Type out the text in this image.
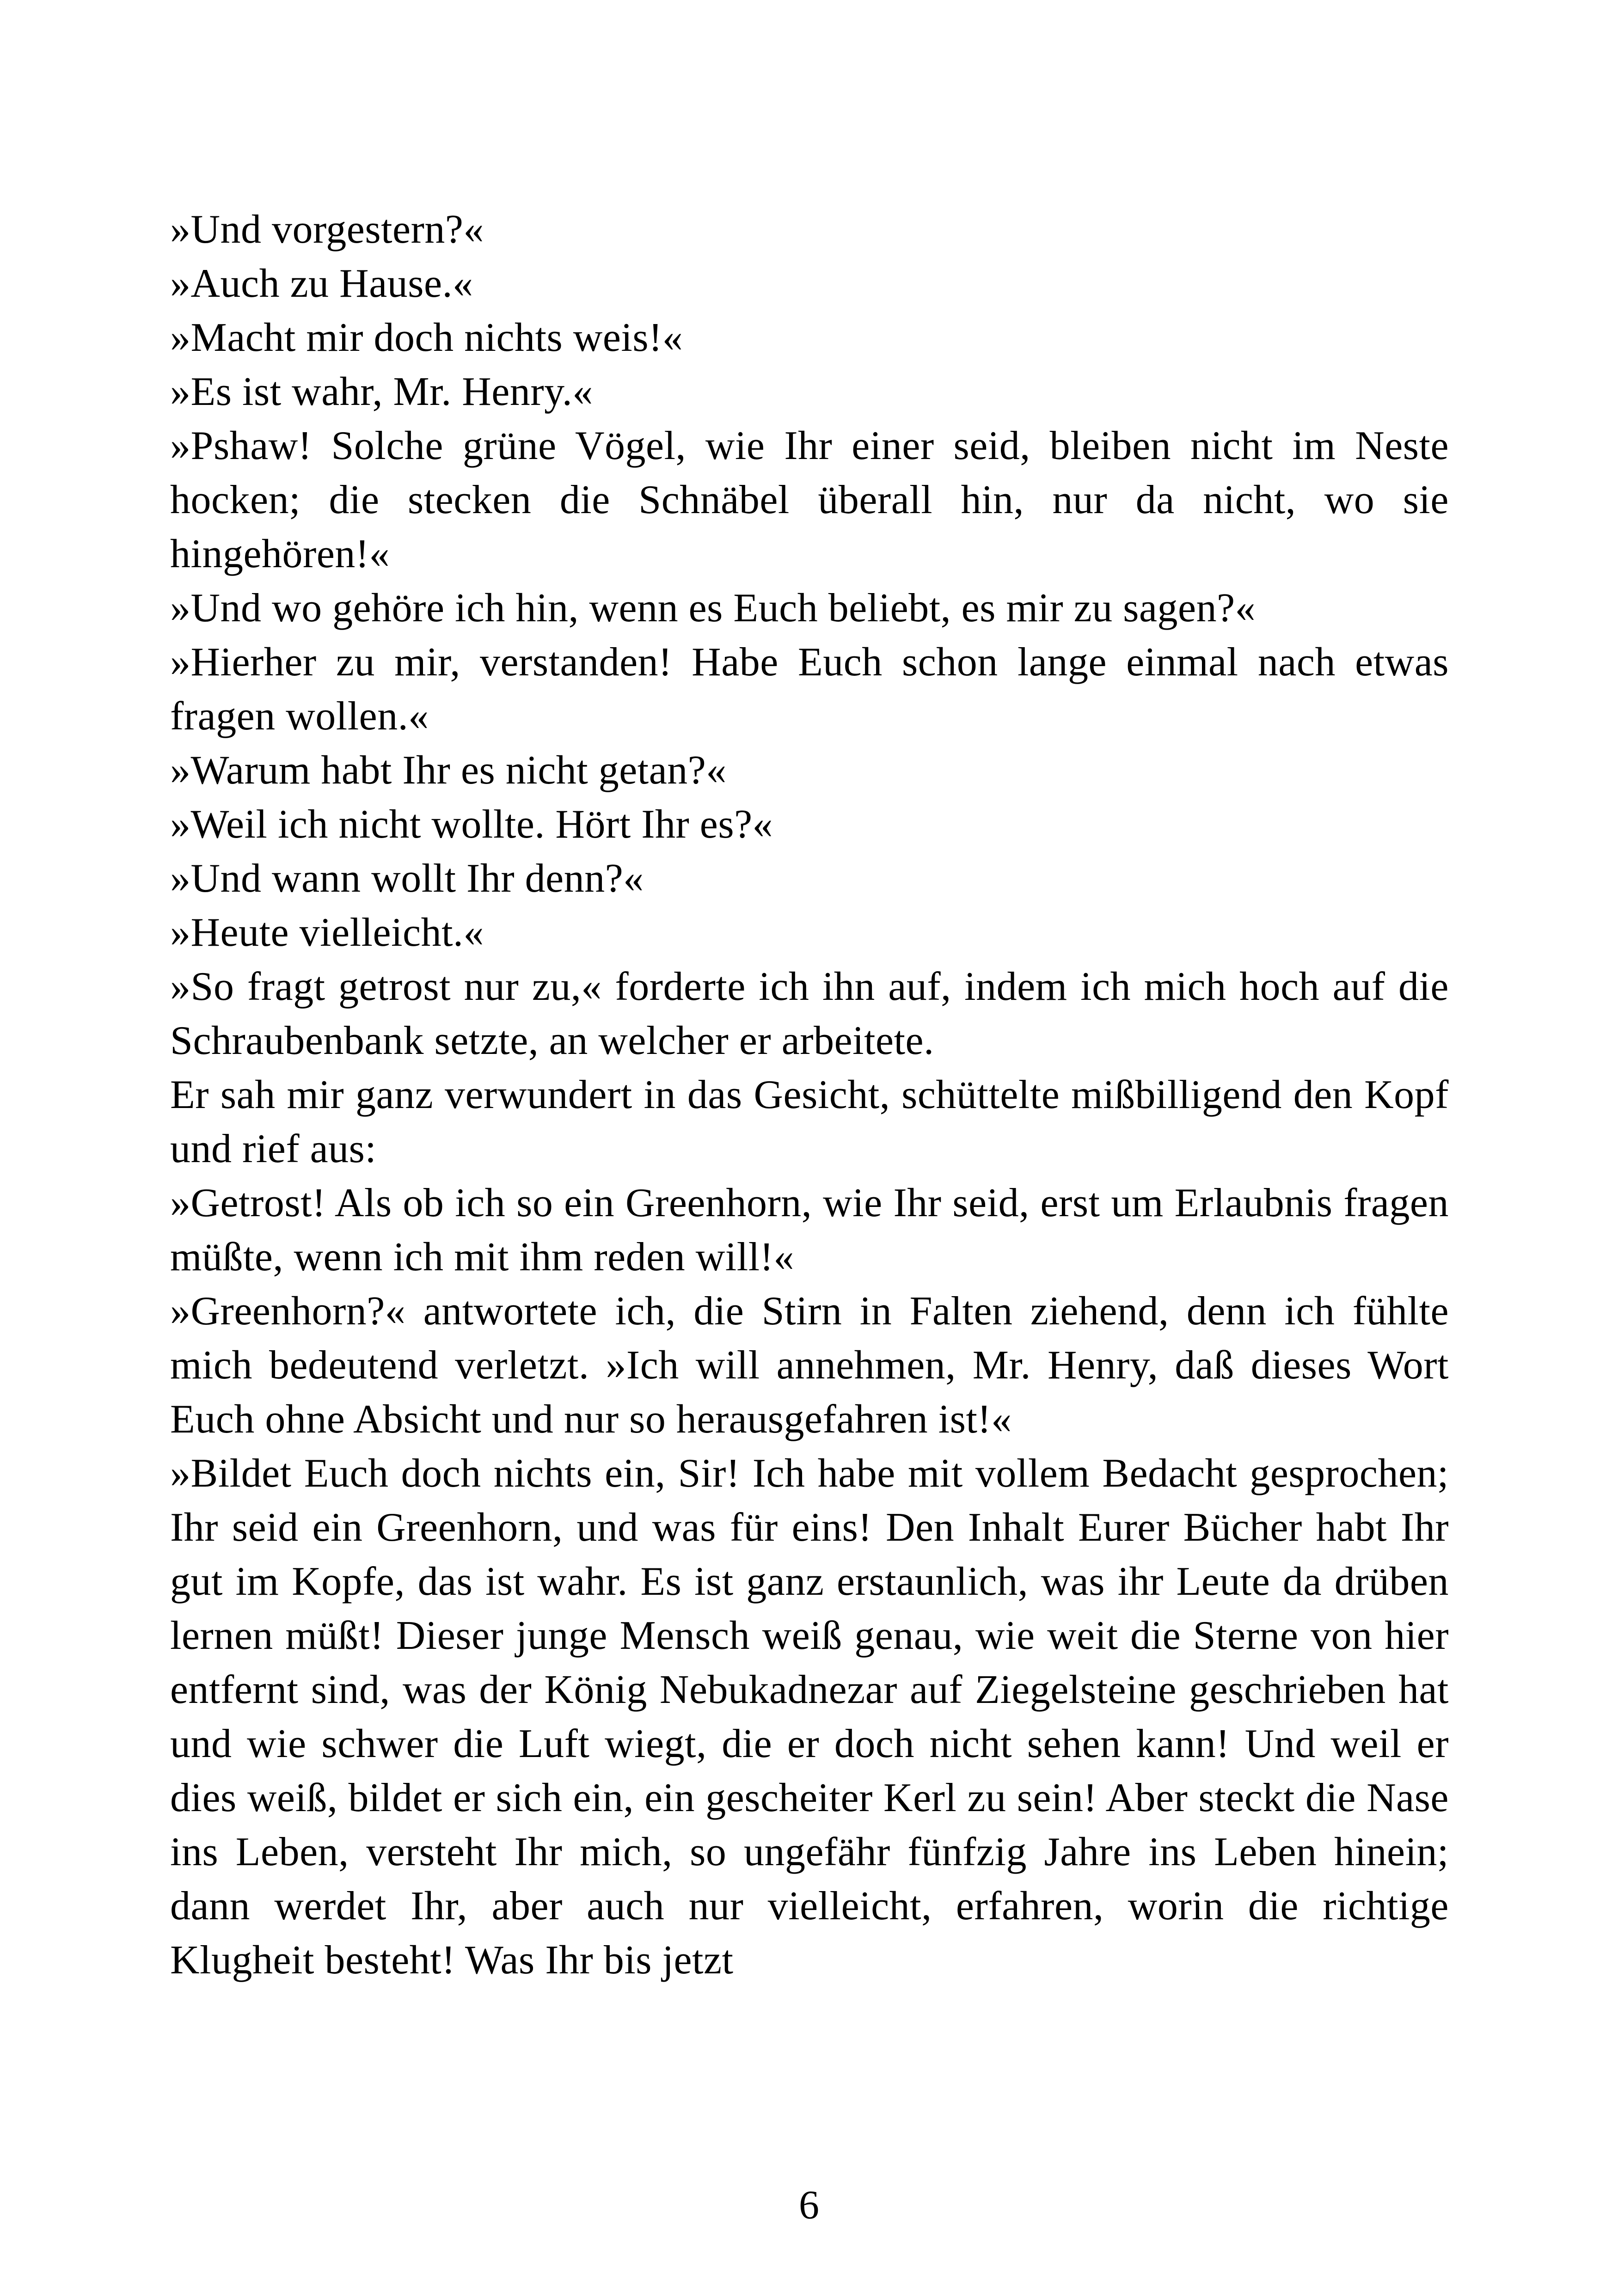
»Und vorgestern?«

»Auch zu Hause.«

»Macht mir doch nichts weis!«

»Es ist wahr, Mr. Henry.«

»Pshaw! Solche grüne Vögel, wie Ihr einer seid, bleiben nicht im Neste hocken; die stecken die Schnäbel überall hin, nur da nicht, wo sie hingehören!«

»Und wo gehöre ich hin, wenn es Euch beliebt, es mir zu sagen?«

»Hierher zu mir, verstanden! Habe Euch schon lange einmal nach etwas fragen wollen.«

»Warum habt Ihr es nicht getan?«

»Weil ich nicht wollte. Hört Ihr es?«

»Und wann wollt Ihr denn?«

»Heute vielleicht.«

»So fragt getrost nur zu,« forderte ich ihn auf, indem ich mich hoch auf die Schraubenbank setzte, an welcher er arbeitete.

Er sah mir ganz verwundert in das Gesicht, schüttelte mißbilligend den Kopf und rief aus:

»Getrost! Als ob ich so ein Greenhorn, wie Ihr seid, erst um Erlaubnis fragen müßte, wenn ich mit ihm reden will!«

»Greenhorn?« antwortete ich, die Stirn in Falten ziehend, denn ich fühlte mich bedeutend verletzt. »Ich will annehmen, Mr. Henry, daß dieses Wort Euch ohne Absicht und nur so herausgefahren ist!«

»Bildet Euch doch nichts ein, Sir! Ich habe mit vollem Bedacht gesprochen; Ihr seid ein Greenhorn, und was für eins! Den Inhalt Eurer Bücher habt Ihr gut im Kopfe, das ist wahr. Es ist ganz erstaunlich, was ihr Leute da drüben lernen müßt! Dieser junge Mensch weiß genau, wie weit die Sterne von hier entfernt sind, was der König Nebukadnezar auf Ziegelsteine geschrieben hat und wie schwer die Luft wiegt, die er doch nicht sehen kann! Und weil er dies weiß, bildet er sich ein, ein gescheiter Kerl zu sein! Aber steckt die Nase ins Leben, versteht Ihr mich, so ungefähr fünfzig Jahre ins Leben hinein; dann werdet Ihr, aber auch nur vielleicht, erfahren, worin die richtige Klugheit besteht! Was Ihr bis jetzt

6
